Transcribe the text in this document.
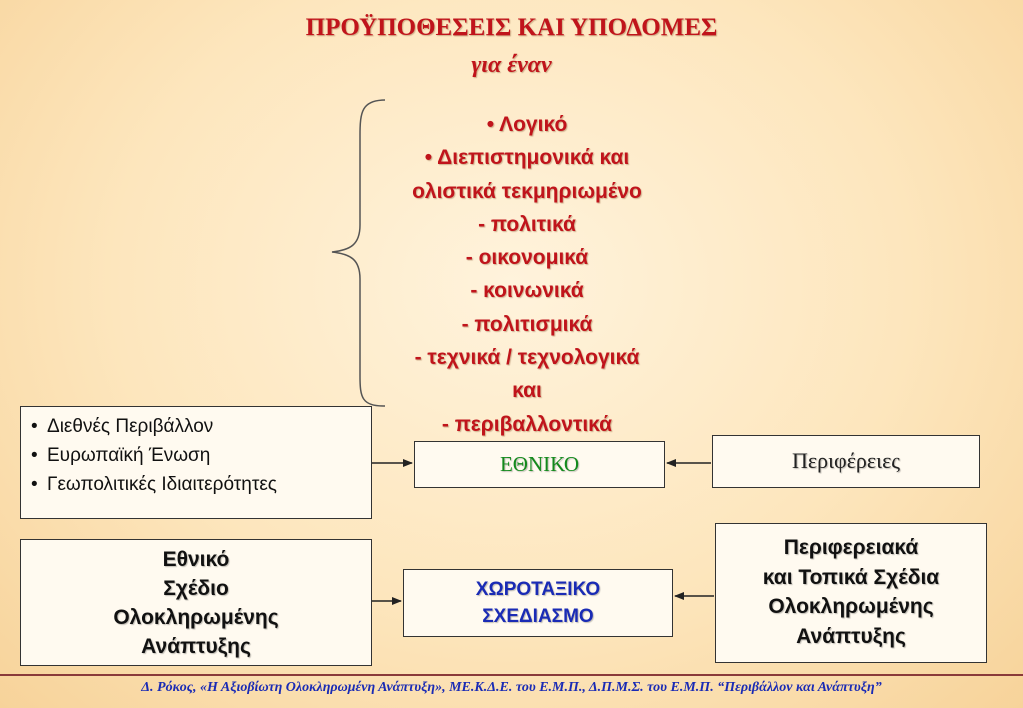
ΠΡΟΫΠΟΘΕΣΕΙΣ ΚΑΙ ΥΠΟΔΟΜΕΣ
για έναν
• Λογικό
• Διεπιστημονικά και
ολιστικά τεκμηριωμένο
- πολιτικά
- οικονομικά
- κοινωνικά
- πολιτισμικά
- τεχνικά / τεχνολογικά
και
- περιβαλλοντικά
• Διεθνές Περιβάλλον
• Ευρωπαϊκή Ένωση
• Γεωπολιτικές Ιδιαιτερότητες
ΕΘΝΙΚΟ	Περιφέρειες
Εθνικό
Σχέδιο
Ολοκληρωμένης
Ανάπτυξης
ΧΩΡΟΤΑΞΙΚΟ
ΣΧΕΔΙΑΣΜΟ
Περιφερειακά
και Τοπικά Σχέδια
Ολοκληρωμένης
Ανάπτυξης
Δ. Ρόκος, «Η Αξιοβίωτη Ολοκληρωμένη Ανάπτυξη», ΜΕ.Κ.Δ.Ε. του Ε.Μ.Π., Δ.Π.Μ.Σ. του Ε.Μ.Π. “Περιβάλλον και Ανάπτυξη”
